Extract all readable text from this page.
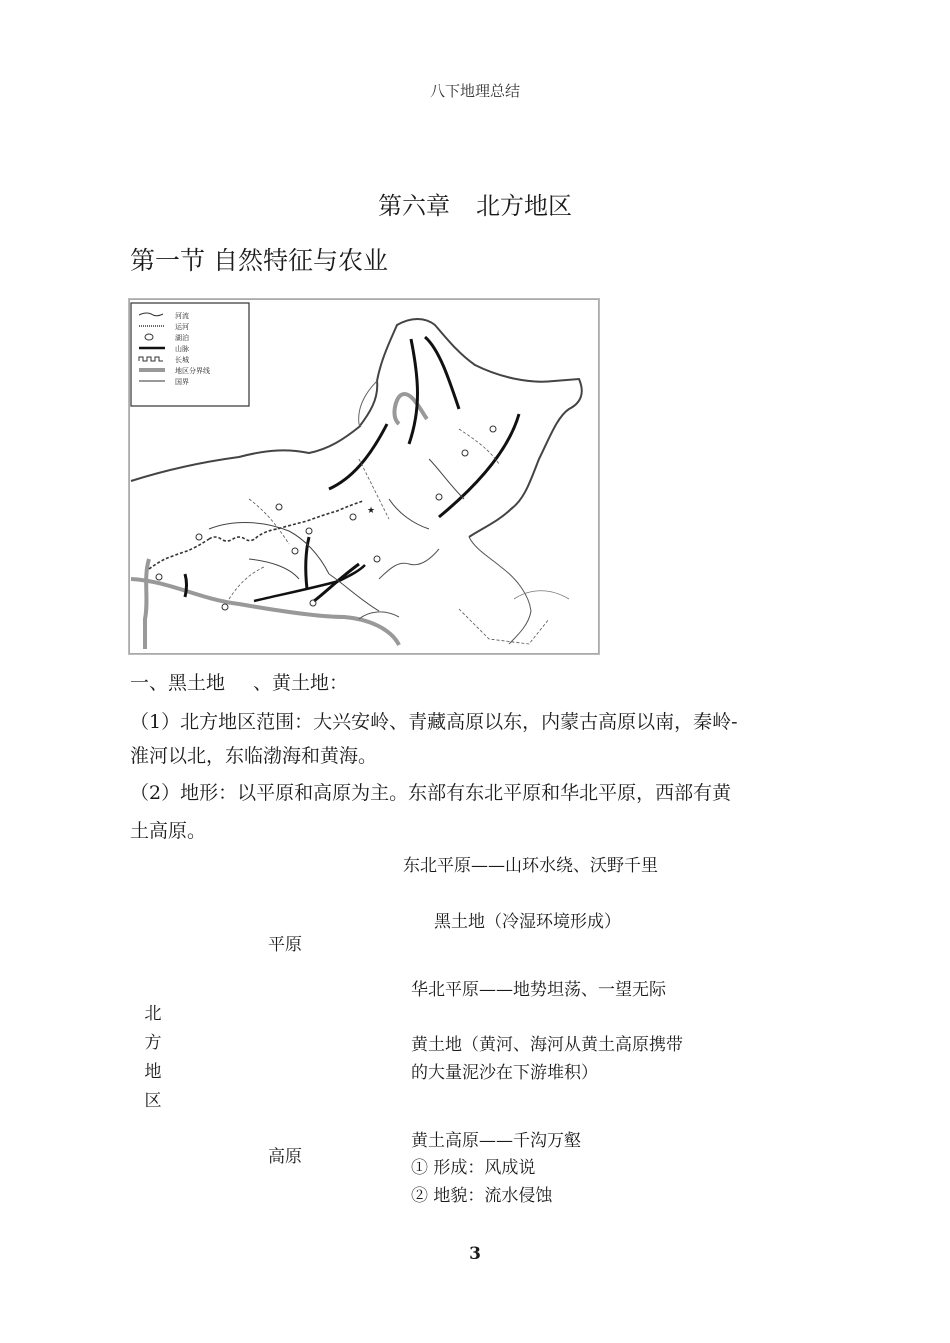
八下地理总结
第六章 北方地区
第一节 自然特征与农业
河流
运河
湖泊
山脉
长城
地区分界线
国界
★
一、黑土地 、黄土地：
（1）北方地区范围：大兴安岭、青藏高原以东，内蒙古高原以南，秦岭-
淮河以北，东临渤海和黄海。
（2）地形：以平原和高原为主。东部有东北平原和华北平原，西部有黄
土高原。
东北平原——山环水绕、沃野千里
黑土地（冷湿环境形成）
平原
华北平原——地势坦荡、一望无际
黄土地（黄河、海河从黄土高原携带
的大量泥沙在下游堆积）
北
方
地
区
黄土高原——千沟万壑
高原
① 形成：风成说
② 地貌：流水侵蚀
3
